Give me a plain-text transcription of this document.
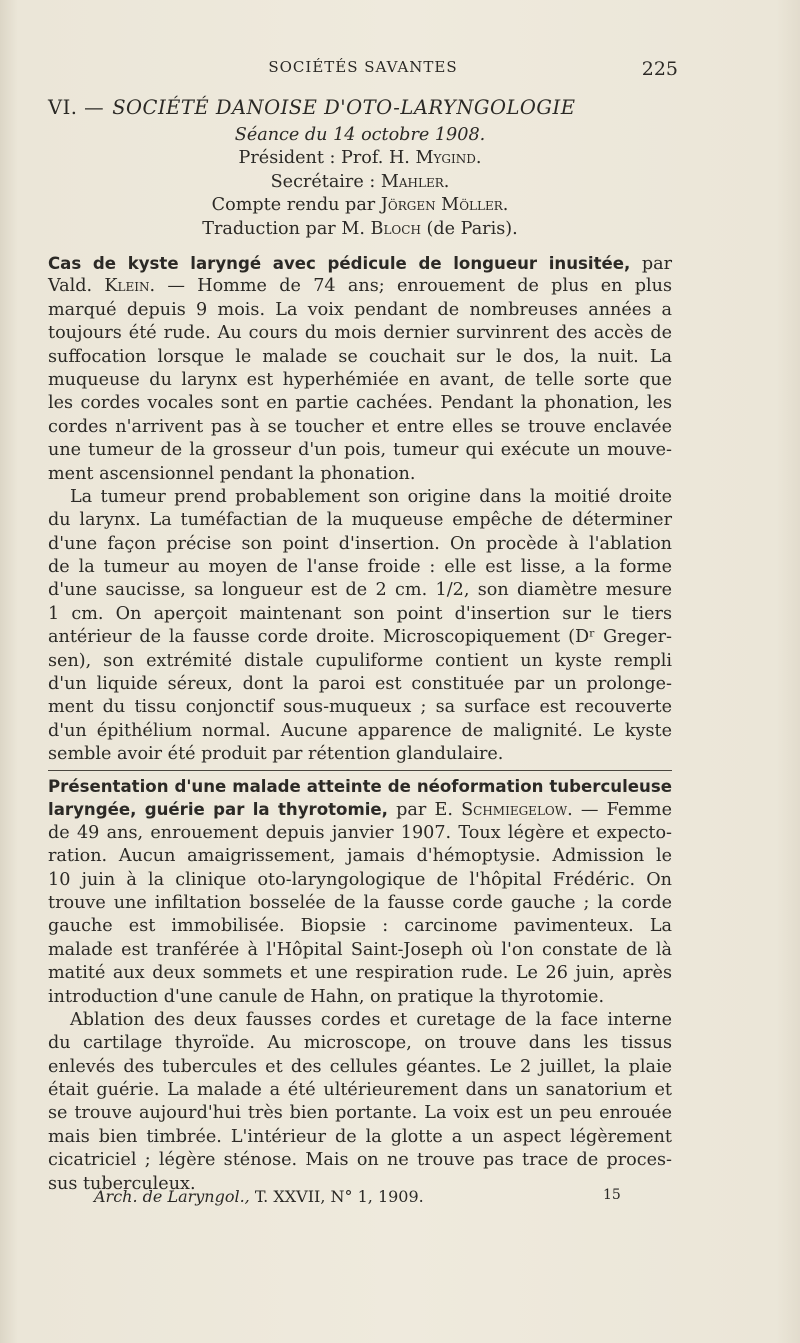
SOCIÉTÉS SAVANTES	225
VI. — SOCIÉTÉ DANOISE D'OTO-LARYNGOLOGIE
Séance du 14 octobre 1908.
Président : Prof. H. Mygind.
Secrétaire : Mahler.
Compte rendu par Jörgen Möller.
Traduction par M. Bloch (de Paris).
Cas de kyste laryngé avec pédicule de longueur inusitée, par
Vald. Klein. — Homme de 74 ans; enrouement de plus en plus
marqué depuis 9 mois. La voix pendant de nombreuses années a
toujours été rude. Au cours du mois dernier survinrent des accès de
suffocation lorsque le malade se couchait sur le dos, la nuit. La
muqueuse du larynx est hyperhémiée en avant, de telle sorte que
les cordes vocales sont en partie cachées. Pendant la phonation, les
cordes n'arrivent pas à se toucher et entre elles se trouve enclavée
une tumeur de la grosseur d'un pois, tumeur qui exécute un mouve-
ment ascensionnel pendant la phonation.
La tumeur prend probablement son origine dans la moitié droite
du larynx. La tuméfactian de la muqueuse empêche de déterminer
d'une façon précise son point d'insertion. On procède à l'ablation
de la tumeur au moyen de l'anse froide : elle est lisse, a la forme
d'une saucisse, sa longueur est de 2 cm. 1/2, son diamètre mesure
1 cm. On aperçoit maintenant son point d'insertion sur le tiers
antérieur de la fausse corde droite. Microscopiquement (Dʳ Greger-
sen), son extrémité distale cupuliforme contient un kyste rempli
d'un liquide séreux, dont la paroi est constituée par un prolonge-
ment du tissu conjonctif sous-muqueux ; sa surface est recouverte
d'un épithélium normal. Aucune apparence de malignité. Le kyste
semble avoir été produit par rétention glandulaire.
Présentation d'une malade atteinte de néoformation tuberculeuse
laryngée, guérie par la thyrotomie, par E. Schmiegelow. — Femme
de 49 ans, enrouement depuis janvier 1907. Toux légère et expecto-
ration. Aucun amaigrissement, jamais d'hémoptysie. Admission le
10 juin à la clinique oto-laryngologique de l'hôpital Frédéric. On
trouve une infiltation bosselée de la fausse corde gauche ; la corde
gauche est immobilisée. Biopsie : carcinome pavimenteux. La
malade est tranférée à l'Hôpital Saint-Joseph où l'on constate de là
matité aux deux sommets et une respiration rude. Le 26 juin, après
introduction d'une canule de Hahn, on pratique la thyrotomie.
Ablation des deux fausses cordes et curetage de la face interne
du cartilage thyroïde. Au microscope, on trouve dans les tissus
enlevés des tubercules et des cellules géantes. Le 2 juillet, la plaie
était guérie. La malade a été ultérieurement dans un sanatorium et
se trouve aujourd'hui très bien portante. La voix est un peu enrouée
mais bien timbrée. L'intérieur de la glotte a un aspect légèrement
cicatriciel ; légère sténose. Mais on ne trouve pas trace de proces-
sus tuberculeux.
Arch. de Laryngol., T. XXVII, N° 1, 1909.	15
